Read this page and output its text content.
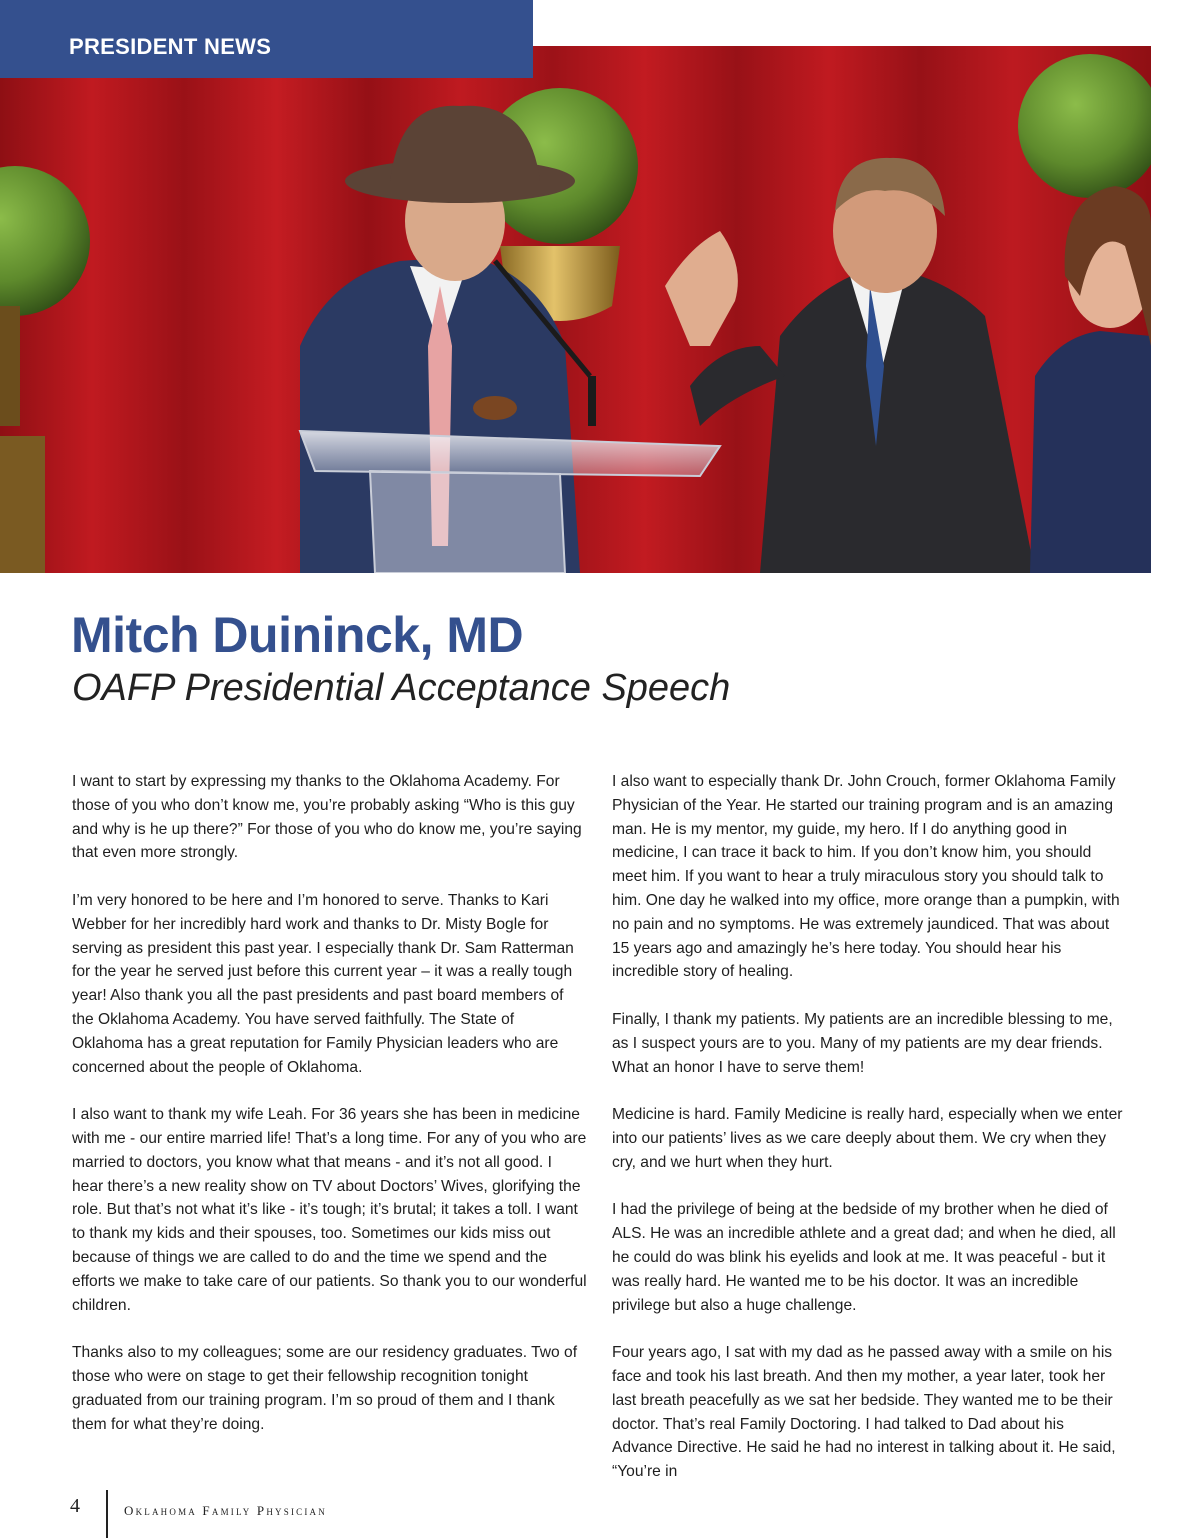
PRESIDENT NEWS
Mitch Duininck, MD
OAFP Presidential Acceptance Speech

I want to start by expressing my thanks to the Oklahoma Academy. For those of you who don’t know me, you’re probably asking “Who is this guy and why is he up there?” For those of you who do know me, you’re saying that even more strongly.

I’m very honored to be here and I’m honored to serve. Thanks to Kari Webber for her incredibly hard work and thanks to Dr. Misty Bogle for serving as president this past year. I especially thank Dr. Sam Ratterman for the year he served just before this current year – it was a really tough year! Also thank you all the past presidents and past board members of the Oklahoma Academy. You have served faithfully. The State of Oklahoma has a great reputation for Family Physician leaders who are concerned about the people of Oklahoma.

I also want to thank my wife Leah. For 36 years she has been in medicine with me - our entire married life! That’s a long time. For any of you who are married to doctors, you know what that means - and it’s not all good. I hear there’s a new reality show on TV about Doctors’ Wives, glorifying the role. But that’s not what it’s like - it’s tough; it’s brutal; it takes a toll. I want to thank my kids and their spouses, too. Sometimes our kids miss out because of things we are called to do and the time we spend and the efforts we make to take care of our patients. So thank you to our wonderful children.

Thanks also to my colleagues; some are our residency graduates. Two of those who were on stage to get their fellowship recognition tonight graduated from our training program. I’m so proud of them and I thank them for what they’re doing.

I also want to especially thank Dr. John Crouch, former Oklahoma Family Physician of the Year. He started our training program and is an amazing man. He is my mentor, my guide, my hero. If I do anything good in medicine, I can trace it back to him. If you don’t know him, you should meet him. If you want to hear a truly miraculous story you should talk to him. One day he walked into my office, more orange than a pumpkin, with no pain and no symptoms. He was extremely jaundiced. That was about 15 years ago and amazingly he’s here today. You should hear his incredible story of healing.

Finally, I thank my patients. My patients are an incredible blessing to me, as I suspect yours are to you. Many of my patients are my dear friends. What an honor I have to serve them!

Medicine is hard. Family Medicine is really hard, especially when we enter into our patients’ lives as we care deeply about them. We cry when they cry, and we hurt when they hurt.

I had the privilege of being at the bedside of my brother when he died of ALS. He was an incredible athlete and a great dad; and when he died, all he could do was blink his eyelids and look at me. It was peaceful - but it was really hard. He wanted me to be his doctor. It was an incredible privilege but also a huge challenge.

Four years ago, I sat with my dad as he passed away with a smile on his face and took his last breath. And then my mother, a year later, took her last breath peacefully as we sat her bedside. They wanted me to be their doctor. That’s real Family Doctoring. I had talked to Dad about his Advance Directive. He said he had no interest in talking about it. He said, “You’re in

4	Oklahoma Family Physician
